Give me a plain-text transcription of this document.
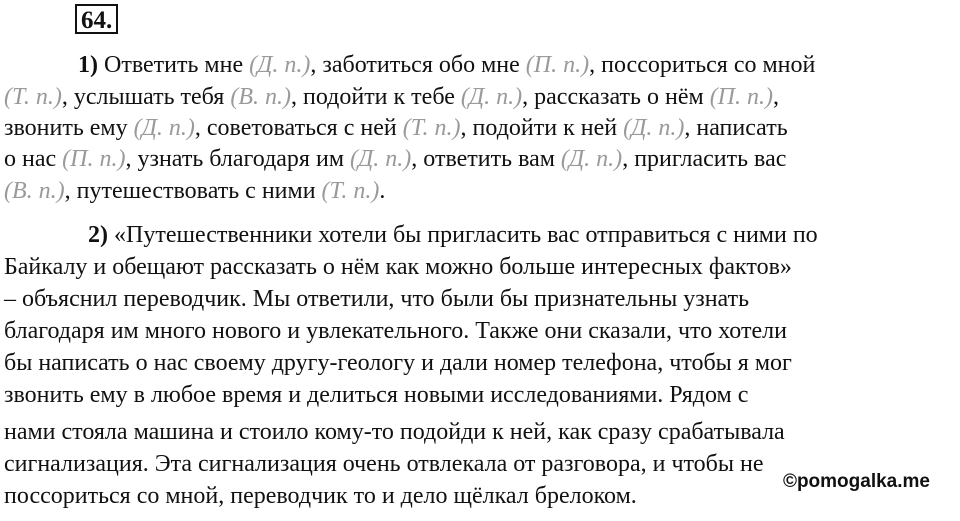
64.
1) Ответить мне (Д. п.), заботиться обо мне (П. п.), поссориться со мной
(Т. п.), услышать тебя (В. п.), подойти к тебе (Д. п.), рассказать о нём (П. п.),
звонить ему (Д. п.), советоваться с ней (Т. п.), подойти к ней (Д. п.), написать
о нас (П. п.), узнать благодаря им (Д. п.), ответить вам (Д. п.), пригласить вас
(В. п.), путешествовать с ними (Т. п.).
2) «Путешественники хотели бы пригласить вас отправиться с ними по
Байкалу и обещают рассказать о нём как можно больше интересных фактов»
– объяснил переводчик. Мы ответили, что были бы признательны узнать
благодаря им много нового и увлекательного. Также они сказали, что хотели
бы написать о нас своему другу-геологу и дали номер телефона, чтобы я мог
звонить ему в любое время и делиться новыми исследованиями. Рядом с
нами стояла машина и стоило кому-то подойди к ней, как сразу срабатывала
сигнализация. Эта сигнализация очень отвлекала от разговора, и чтобы не
поссориться со мной, переводчик то и дело щёлкал брелоком.
©pomogalka.me
